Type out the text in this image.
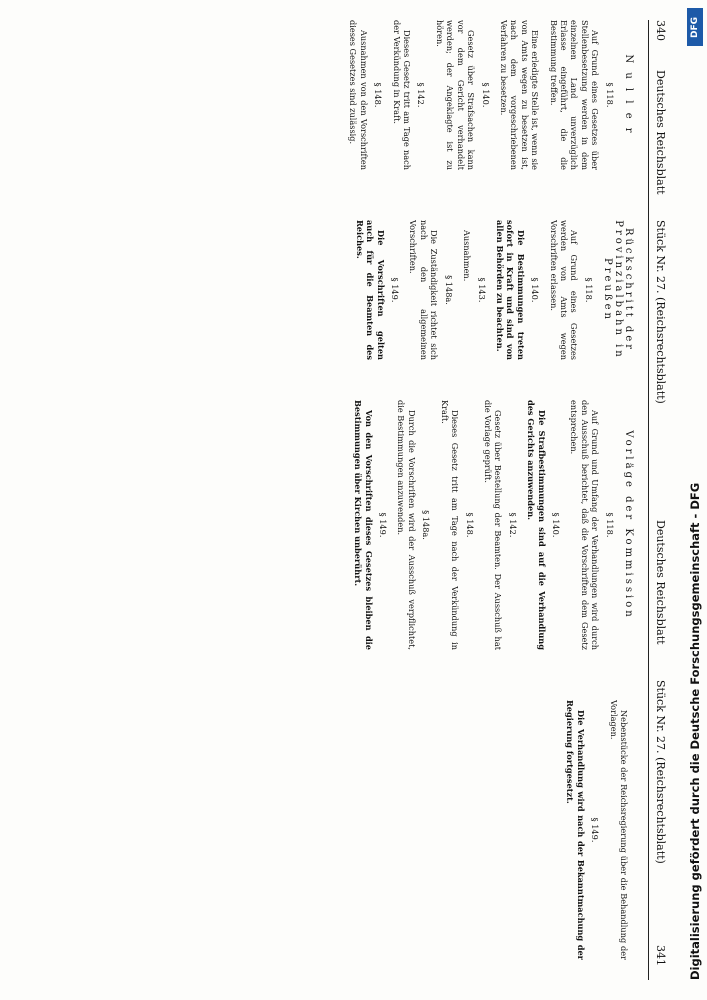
340
Deutsches Reichsblatt
Stück Nr. 27. (Reichsrechtsblatt)
Deutsches Reichsblatt
Stück Nr. 27. (Reichsrechtsblatt)
341
N u l l e r
§ 118.

Auf Grund eines Gesetzes über Stellenbesetzung werden in dem einzelnen Land unverzüglich Erlasse eingeführt, die die Bestimmung treffen.

Eine erledigte Stelle ist, wenn sie von Amts wegen zu besetzen ist, nach dem vorgeschriebenen Verfahren zu besetzen.

§ 140.

Gesetz über Strafsachen kann vor dem Gericht verhandelt werden; der Angeklagte ist zu hören.

§ 142.

Dieses Gesetz tritt am Tage nach der Verkündung in Kraft.

§ 148.

Ausnahmen von den Vorschriften dieses Gesetzes sind zulässig.

Rückschritt der Provinzialbahn in Preußen
§ 118.

Auf Grund eines Gesetzes werden von Amts wegen Vorschriften erlassen.

§ 140.

Die Bestimmungen treten sofort in Kraft und sind von allen Behörden zu beachten.

§ 143.

Ausnahmen.

§ 148a.

Die Zuständigkeit richtet sich nach den allgemeinen Vorschriften.

§ 149.

Die Vorschriften gelten auch für die Beamten des Reiches.

Vorläge der Kommission
§ 118.

Auf Grund und Umfang der Verhandlungen wird durch den Ausschuß berichtet, daß die Vorschriften dem Gesetz entsprechen.

§ 140.

Die Strafbestimmungen sind auf die Verhandlung des Gerichts anzuwenden.

§ 142.

Gesetz über Bestellung der Beamten. Der Ausschuß hat die Vorlage geprüft.

§ 148.

Dieses Gesetz tritt am Tage nach der Verkündung in Kraft.

§ 148a.

Durch die Vorschriften wird der Ausschuß verpflichtet, die Bestimmungen anzuwenden.

§ 149.

Von den Vorschriften dieses Gesetzes bleiben die Bestimmungen über Kirchen unberührt.

Nebenstücke der Reichsregierung über die Behandlung der Vorlagen.

§ 149.

Die Verhandlung wird nach der Bekanntmachung der Regierung fortgesetzt.

DFG
Digitalisierung gefördert durch die Deutsche Forschungsgemeinschaft - DFG
